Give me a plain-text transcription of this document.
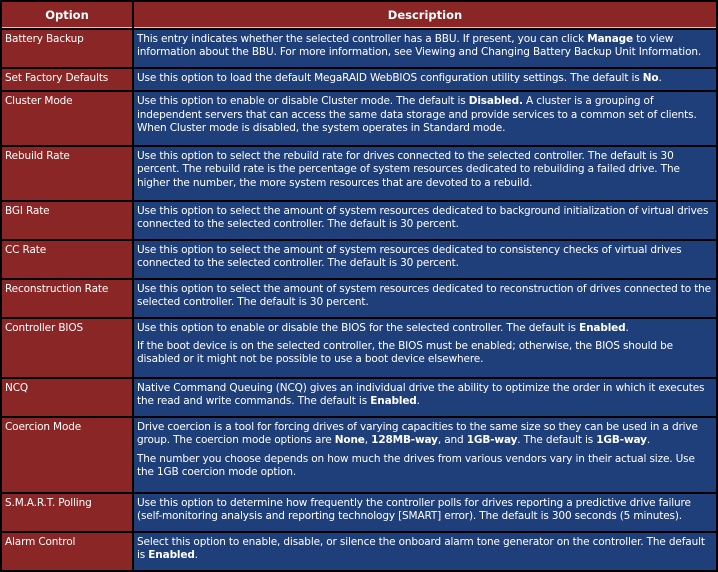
Option	Description
Battery Backup	This entry indicates whether the selected controller has a BBU. If present, you can click Manage to view information about the BBU. For more information, see Viewing and Changing Battery Backup Unit Information.

Set Factory Defaults	Use this option to load the default MegaRAID WebBIOS configuration utility settings. The default is No.

Cluster Mode	Use this option to enable or disable Cluster mode. The default is Disabled. A cluster is a grouping of independent servers that can access the same data storage and provide services to a common set of clients. When Cluster mode is disabled, the system operates in Standard mode.

Rebuild Rate	Use this option to select the rebuild rate for drives connected to the selected controller. The default is 30 percent. The rebuild rate is the percentage of system resources dedicated to rebuilding a failed drive. The higher the number, the more system resources that are devoted to a rebuild.

BGI Rate	Use this option to select the amount of system resources dedicated to background initialization of virtual drives connected to the selected controller. The default is 30 percent.

CC Rate	Use this option to select the amount of system resources dedicated to consistency checks of virtual drives connected to the selected controller. The default is 30 percent.

Reconstruction Rate	Use this option to select the amount of system resources dedicated to reconstruction of drives connected to the selected controller. The default is 30 percent.

Controller BIOS	Use this option to enable or disable the BIOS for the selected controller. The default is Enabled.

If the boot device is on the selected controller, the BIOS must be enabled; otherwise, the BIOS should be disabled or it might not be possible to use a boot device elsewhere.

NCQ	Native Command Queuing (NCQ) gives an individual drive the ability to optimize the order in which it executes the read and write commands. The default is Enabled.

Coercion Mode	Drive coercion is a tool for forcing drives of varying capacities to the same size so they can be used in a drive group. The coercion mode options are None, 128MB-way, and 1GB-way. The default is 1GB-way.

The number you choose depends on how much the drives from various vendors vary in their actual size. Use the 1GB coercion mode option.

S.M.A.R.T. Polling	Use this option to determine how frequently the controller polls for drives reporting a predictive drive failure (self-monitoring analysis and reporting technology [SMART] error). The default is 300 seconds (5 minutes).

Alarm Control	Select this option to enable, disable, or silence the onboard alarm tone generator on the controller. The default is Enabled.
